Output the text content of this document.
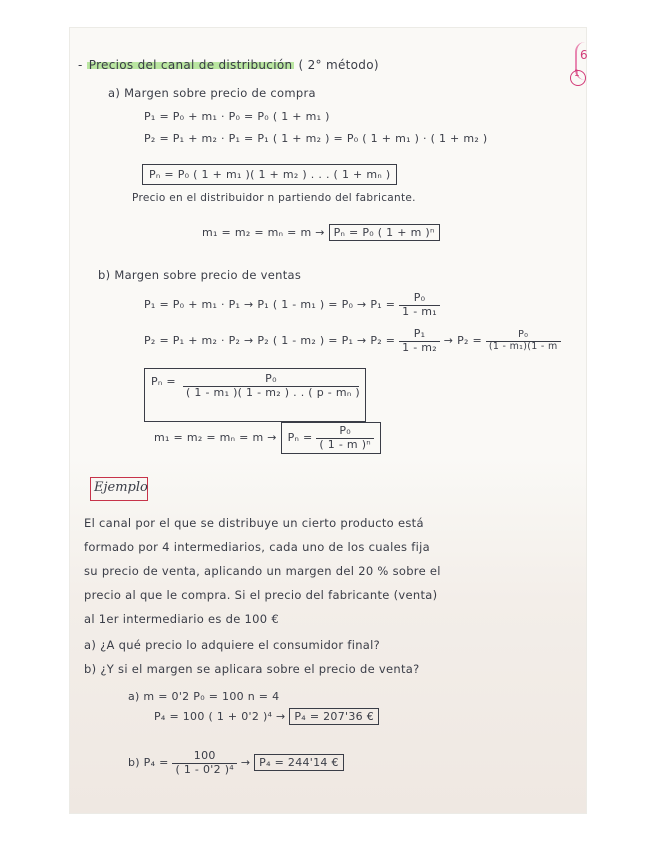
1
6
- Precios del canal de distribución ( 2° método)
a) Margen sobre precio de compra
P₁ = P₀ + m₁ · P₀ = P₀ ( 1 + m₁ )
P₂ = P₁ + m₂ · P₁ = P₁ ( 1 + m₂ ) = P₀ ( 1 + m₁ ) · ( 1 + m₂ )
Pₙ = P₀ ( 1 + m₁ )( 1 + m₂ ) . . . ( 1 + mₙ )
Precio en el distribuidor n partiendo del fabricante.
m₁ = m₂ = mₙ = m → Pₙ = P₀ ( 1 + m )ⁿ
b) Margen sobre precio de ventas
P₁ = P₀ + m₁ · P₁ → P₁ ( 1 - m₁ ) = $P_0 \to P_1 = \frac{\text{P₀}}{\text{1 - m₁}}$
P₂ = P₁ + m₂ · P₂ → P₂ ( 1 - m₂ ) = $P_1 \to P_2 = \frac{\text{P₁}}{\text{1 - m₂}} \to P_2 = \frac{\text{P₀}}{\text{(1 - m₁)(1 - m}}$
$P_n = \frac{\text{P₀}}{\text{( 1 - m₁ )( 1 - m₂ ) . . ( p - mₙ )}}$
$m_1 = m_2 = m_n = m \to P_n = \frac{\text{P₀}}{\text{( 1 - m )ⁿ}}$
Ejemplo
El canal por el que se distribuye un cierto producto está
formado por 4 intermediarios, cada uno de los cuales fija
su precio de venta, aplicando un margen del 20 % sobre el
precio al que le compra. Si el precio del fabricante (venta)
al 1er intermediario es de 100 €
a) ¿A qué precio lo adquiere el consumidor final?
b) ¿Y si el margen se aplicara sobre el precio de venta?
a) m = 0'2 P₀ = 100 n = 4
P₄ = 100 ( 1 + 0'2 )⁴ → P₄ = 207'36 €
b) $P_4 = \frac{100}{\text{( 1 - 0'2 )⁴}} \to P_4 = 244'14$ €
